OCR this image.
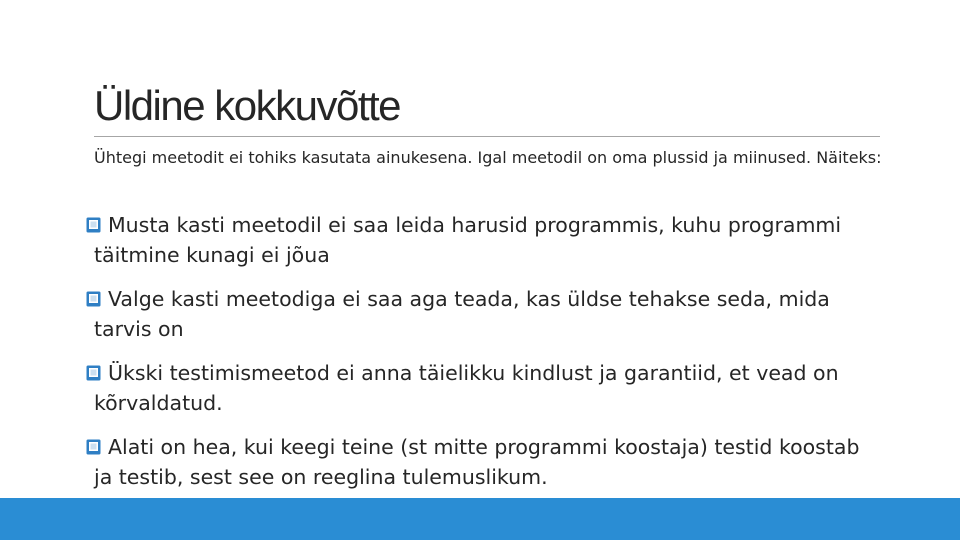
Üldine kokkuvõtte

Ühtegi meetodit ei tohiks kasutata ainukesena. Igal meetodil on oma plussid ja miinused. Näiteks:

Musta kasti meetodil ei saa leida harusid programmis, kuhu programmi täitmine kunagi ei jõua
Valge kasti meetodiga ei saa aga teada, kas üldse tehakse seda, mida tarvis on
Ükski testimismeetod ei anna täielikku kindlust ja garantiid, et vead on kõrvaldatud.
Alati on hea, kui keegi teine (st mitte programmi koostaja) testid koostab ja testib, sest see on reeglina tulemuslikum.
